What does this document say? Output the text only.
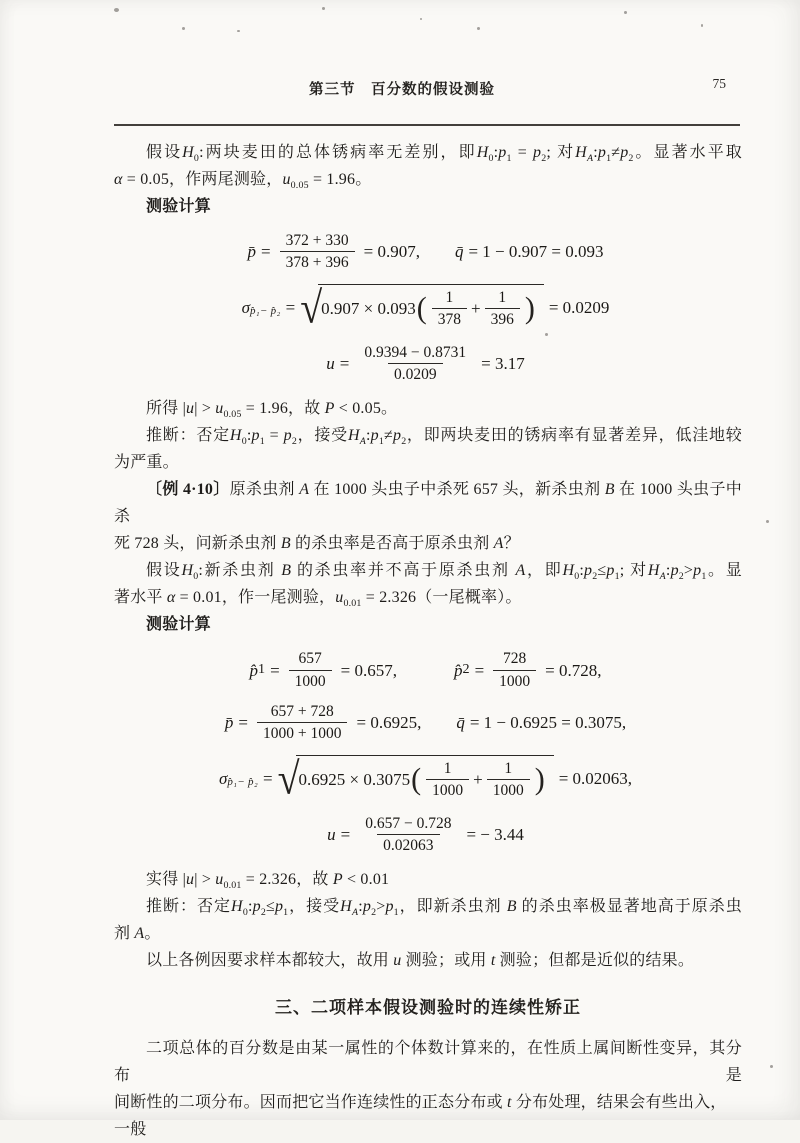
第三节　百分数的假设测验	75

假设$H_0$:两块麦田的总体锈病率无差别，即$H_0:p_1 = p_2$; 对$H_A:p_1\ne p_2$。显著水平取

α = 0.05，作两尾测验，$u_{0.05} = 1.96$。

测验计算

p̄ = $\frac{372 + 330}{378 + 396} = 0.907$, q̄ = 1 − 0.907 = 0.093
σ p̂₁− p̂₂ = √ 0.907 × 0.093 ( $\frac{1}{378} + \frac{1}{396}$ ) = 0.0209
$u = \frac{0.9394 - 0.8731}{0.0209} = 3.17$

所得 $|u| > u_{0.05} = 1.96$，故 P < 0.05。

推断：否定$H_0:p_1 = p_2$，接受$H_A:p_1\ne p_2$，即两块麦田的锈病率有显著差异，低洼地较

为严重。

〔例 4·10〕原杀虫剂 A 在 1000 头虫子中杀死 657 头，新杀虫剂 B 在 1000 头虫子中杀

死 728 头，问新杀虫剂 B 的杀虫率是否高于原杀虫剂 A？

假设$H_0$:新杀虫剂 B 的杀虫率并不高于原杀虫剂 A，即$H_0:p_2\le p_1$; 对$H_A:p_2>p_1$。显

著水平 α = 0.01，作一尾测验，$u_{0.01} = 2.326$（一尾概率）。

测验计算

p̂ $1 = \frac{657}{1000} = 0.657$,	p̂ $2 = \frac{728}{1000} = 0.728$,
p̄ = $\frac{657 + 728}{1000 + 1000} = 0.6925$, q̄ = 1 − 0.6925 = 0.3075,
σ p̂₁− p̂₂ = √ 0.6925 × 0.3075 ( $\frac{1}{1000} + \frac{1}{1000}$ ) = 0.02063,
$u = \frac{0.657 - 0.728}{0.02063}$ = − 3.44

实得 $|u| > u_{0.01} = 2.326$，故 P < 0.01

推断：否定$H_0:p_2\le p_1$，接受$H_A:p_2>p_1$，即新杀虫剂 B 的杀虫率极显著地高于原杀虫

剂 A。

以上各例因要求样本都较大，故用 u 测验；或用 t 测验；但都是近似的结果。

三、二项样本假设测验时的连续性矫正

二项总体的百分数是由某一属性的个体数计算来的，在性质上属间断性变异，其分布是

间断性的二项分布。因而把它当作连续性的正态分布或 t 分布处理，结果会有些出入，一般
